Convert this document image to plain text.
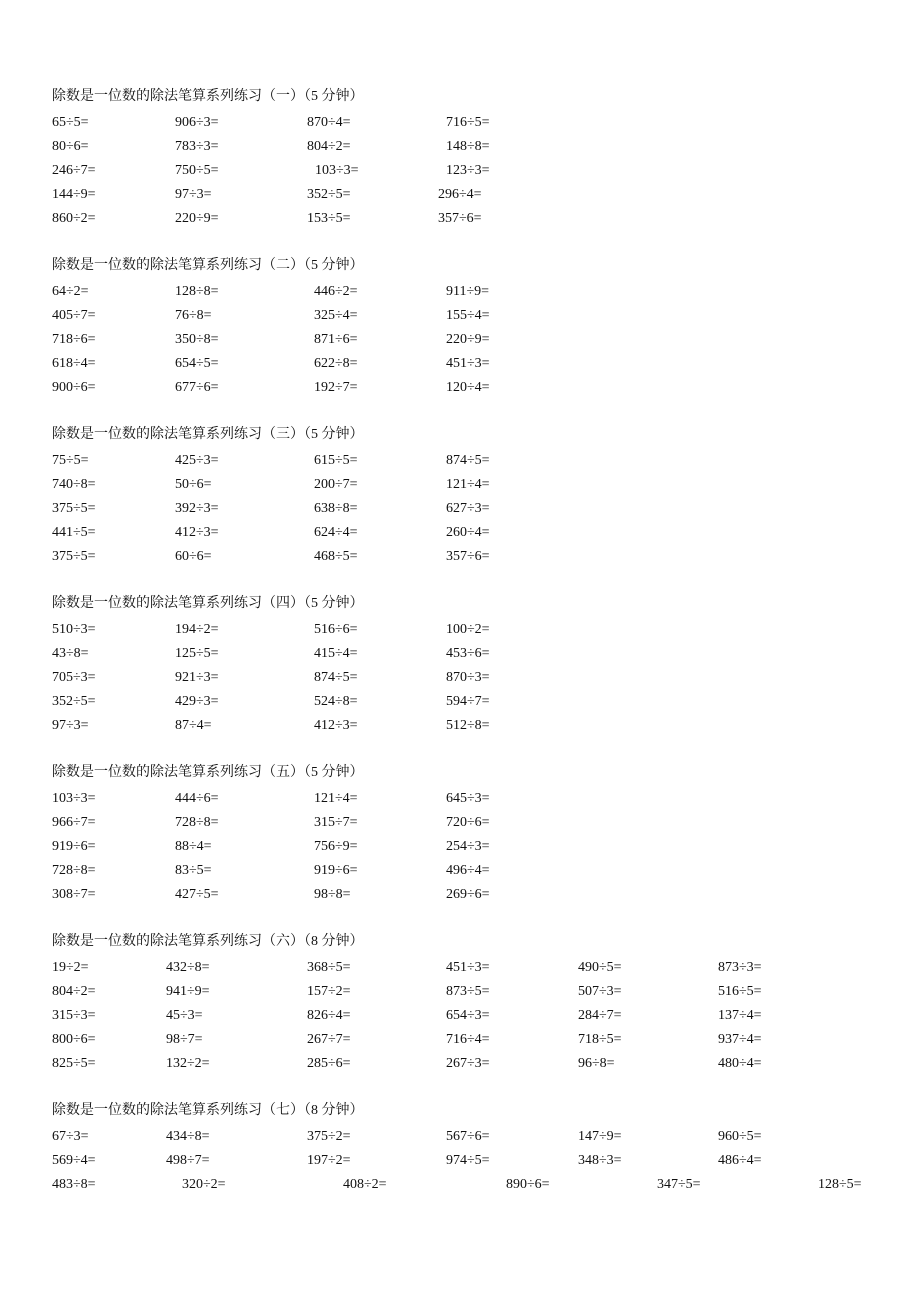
除数是一位数的除法笔算系列练习（一）（5 分钟）
65÷5=	906÷3=	870÷4=	716÷5=
80÷6=	783÷3=	804÷2=	148÷8=
246÷7=	750÷5=	103÷3=	123÷3=
144÷9=	97÷3=	352÷5=	296÷4=
860÷2=	220÷9=	153÷5=	357÷6=
除数是一位数的除法笔算系列练习（二）（5 分钟）
64÷2=	128÷8=	446÷2=	911÷9=
405÷7=	76÷8=	325÷4=	155÷4=
718÷6=	350÷8=	871÷6=	220÷9=
618÷4=	654÷5=	622÷8=	451÷3=
900÷6=	677÷6=	192÷7=	120÷4=
除数是一位数的除法笔算系列练习（三）（5 分钟）
75÷5=	425÷3=	615÷5=	874÷5=
740÷8=	50÷6=	200÷7=	121÷4=
375÷5=	392÷3=	638÷8=	627÷3=
441÷5=	412÷3=	624÷4=	260÷4=
375÷5=	60÷6=	468÷5=	357÷6=
除数是一位数的除法笔算系列练习（四）（5 分钟）
510÷3=	194÷2=	516÷6=	100÷2=
43÷8=	125÷5=	415÷4=	453÷6=
705÷3=	921÷3=	874÷5=	870÷3=
352÷5=	429÷3=	524÷8=	594÷7=
97÷3=	87÷4=	412÷3=	512÷8=
除数是一位数的除法笔算系列练习（五）（5 分钟）
103÷3=	444÷6=	121÷4=	645÷3=
966÷7=	728÷8=	315÷7=	720÷6=
919÷6=	88÷4=	756÷9=	254÷3=
728÷8=	83÷5=	919÷6=	496÷4=
308÷7=	427÷5=	98÷8=	269÷6=
除数是一位数的除法笔算系列练习（六）（8 分钟）
19÷2=	432÷8=	368÷5=	451÷3=	490÷5=	873÷3=
804÷2=	941÷9=	157÷2=	873÷5=	507÷3=	516÷5=
315÷3=	45÷3=	826÷4=	654÷3=	284÷7=	137÷4=
800÷6=	98÷7=	267÷7=	716÷4=	718÷5=	937÷4=
825÷5=	132÷2=	285÷6=	267÷3=	96÷8=	480÷4=
除数是一位数的除法笔算系列练习（七）（8 分钟）
67÷3=	434÷8=	375÷2=	567÷6=	147÷9=	960÷5=
569÷4=	498÷7=	197÷2=	974÷5=	348÷3=	486÷4=
483÷8=	320÷2=	408÷2=	890÷6=	347÷5=	128÷5=
